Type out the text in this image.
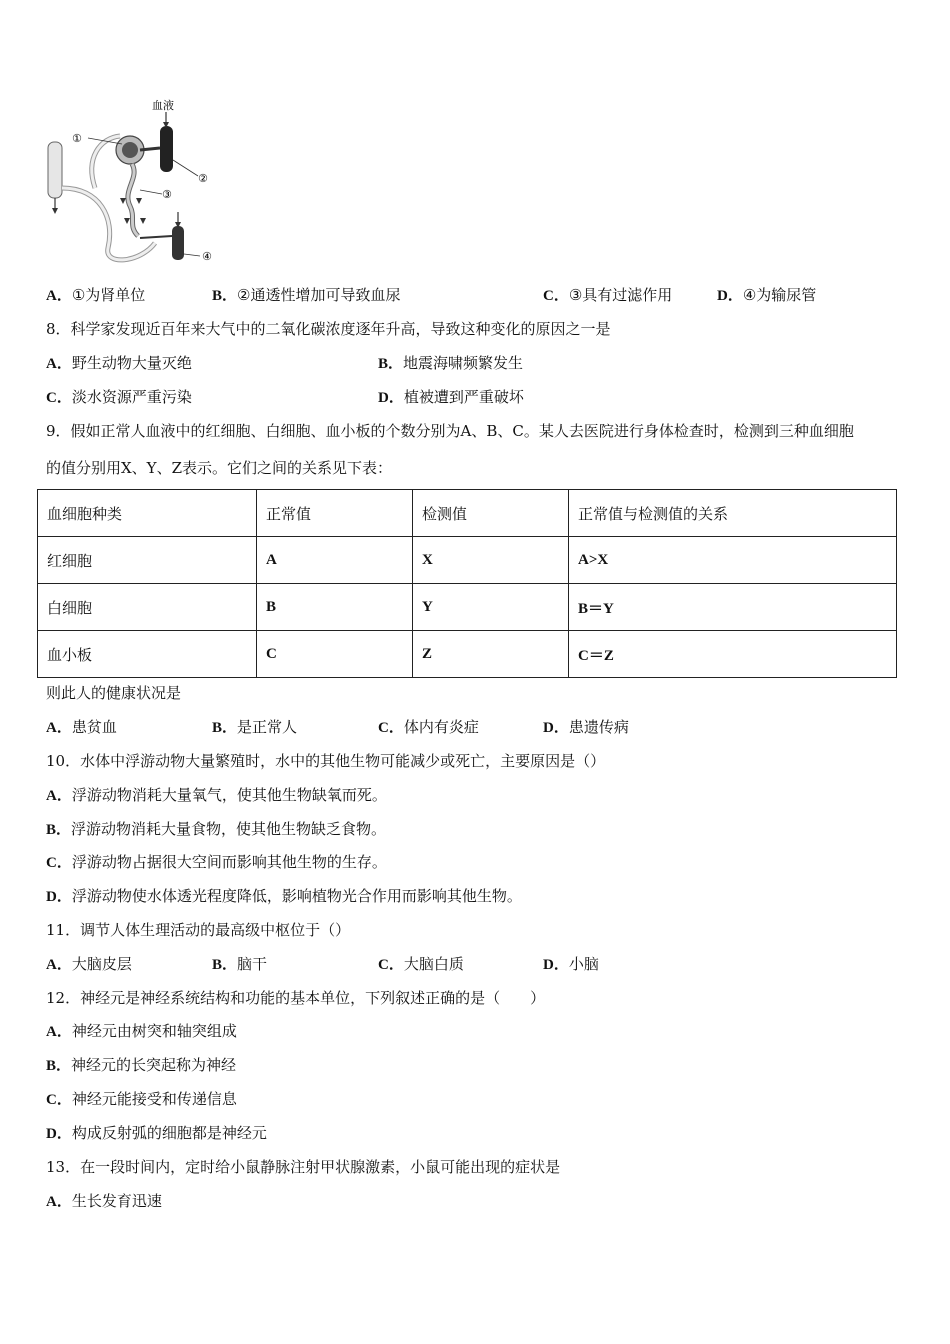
血液
①
②
③
④
A．①为肾单位	B．②通透性增加可导致血尿	C．③具有过滤作用	D．④为输尿管
8．科学家发现近百年来大气中的二氧化碳浓度逐年升高，导致这种变化的原因之一是
A．野生动物大量灭绝	B．地震海啸频繁发生
C．淡水资源严重污染	D．植被遭到严重破坏
9．假如正常人血液中的红细胞、白细胞、血小板的个数分别为A、B、C。某人去医院进行身体检查时，检测到三种血细胞
的值分别用X、Y、Z表示。它们之间的关系见下表：
血细胞种类	正常值	检测值	正常值与检测值的关系
红细胞	A	X	A>X
白细胞	B	Y	B＝Y
血小板	C	Z	C＝Z
则此人的健康状况是
A．患贫血	B．是正常人	C．体内有炎症	D．患遗传病
10．水体中浮游动物大量繁殖时，水中的其他生物可能减少或死亡，主要原因是（）
A．浮游动物消耗大量氧气，使其他生物缺氧而死。
B．浮游动物消耗大量食物，使其他生物缺乏食物。
C．浮游动物占据很大空间而影响其他生物的生存。
D．浮游动物使水体透光程度降低，影响植物光合作用而影响其他生物。
11．调节人体生理活动的最高级中枢位于（）
A．大脑皮层	B．脑干	C．大脑白质	D．小脑
12．神经元是神经系统结构和功能的基本单位，下列叙述正确的是（　　）
A．神经元由树突和轴突组成
B．神经元的长突起称为神经
C．神经元能接受和传递信息
D．构成反射弧的细胞都是神经元
13．在一段时间内，定时给小鼠静脉注射甲状腺激素，小鼠可能出现的症状是
A．生长发育迅速
